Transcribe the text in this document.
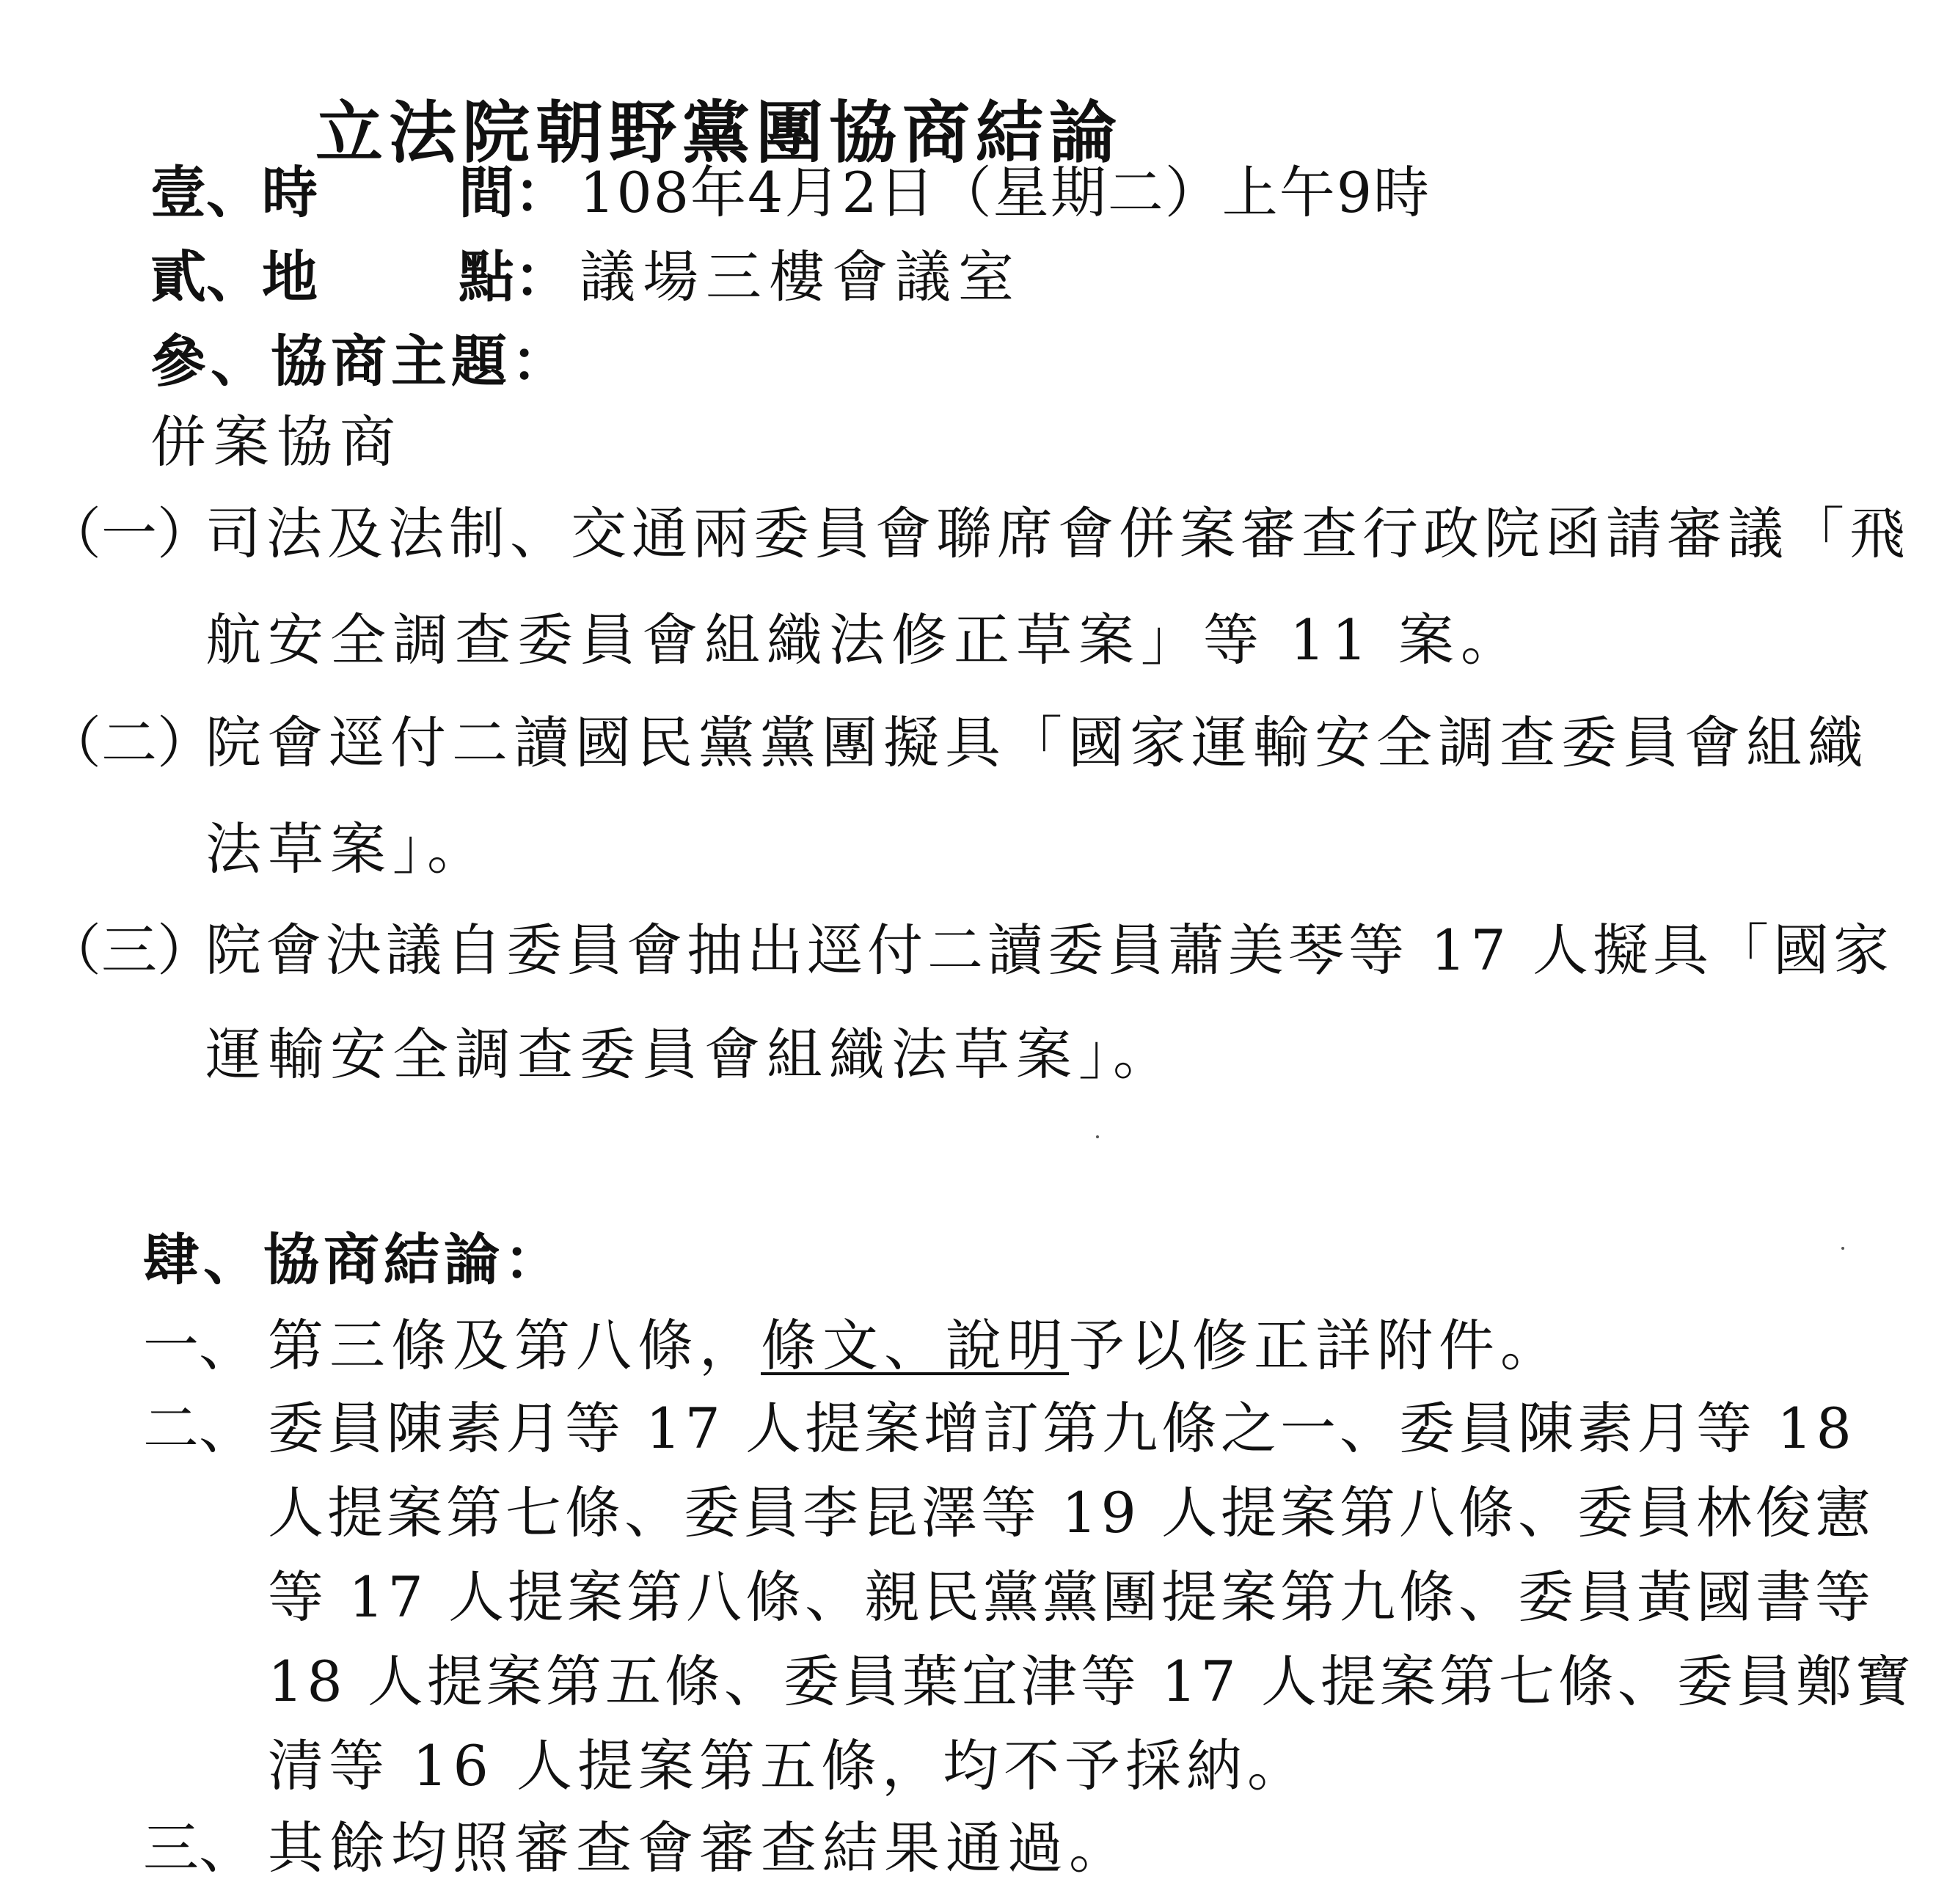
立法院朝野黨團協商結論
壹、時	間： 108年4月2日（星期二）上午9時
貳、地	點： 議場三樓會議室
參、協商主題：
併案協商
（一）
司法及法制、交通兩委員會聯席會併案審查行政院函請審議「飛
航安全調查委員會組織法修正草案」等 11 案。
（二）
院會逕付二讀國民黨黨團擬具「國家運輸安全調查委員會組織
法草案」。
（三）
院會決議自委員會抽出逕付二讀委員蕭美琴等 17 人擬具「國家
運輸安全調查委員會組織法草案」。
肆、協商結論：
一、 第三條及第八條，條文、說明予以修正詳附件。
二、 委員陳素月等 17 人提案增訂第九條之一、委員陳素月等 18
人提案第七條、委員李昆澤等 19 人提案第八條、委員林俊憲
等 17 人提案第八條、親民黨黨團提案第九條、委員黃國書等
18 人提案第五條、委員葉宜津等 17 人提案第七條、委員鄭寶
清等 16 人提案第五條，均不予採納。
三、 其餘均照審查會審查結果通過。
